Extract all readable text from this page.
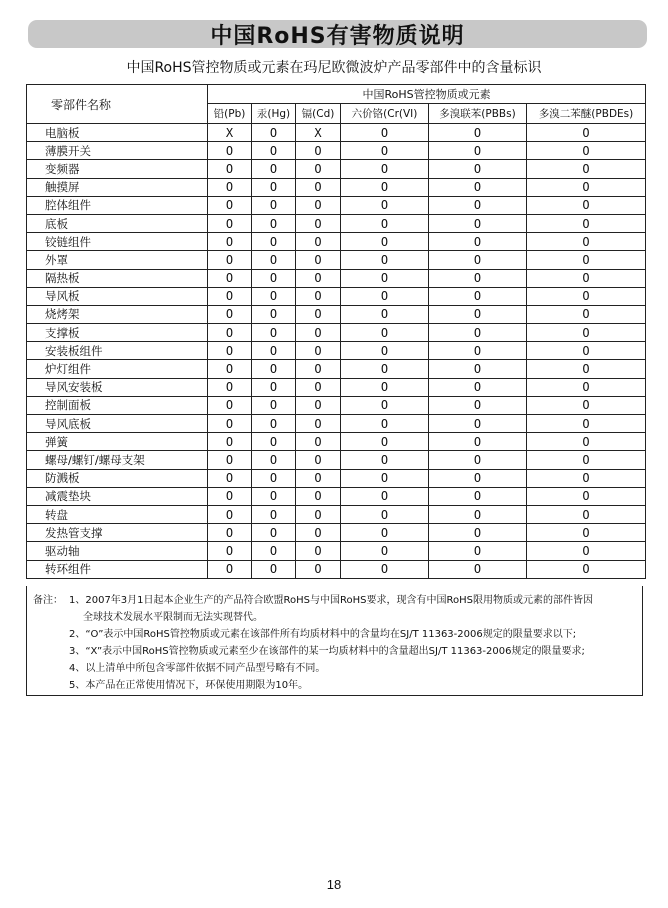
中国RoHS有害物质说明
中国RoHS管控物质或元素在玛尼欧微波炉产品零部件中的含量标识
零部件名称	中国RoHS管控物质或元素					
	铅(Pb)	汞(Hg)	镉(Cd)	六价铬(Cr(VI)	多溴联苯(PBBs)	多溴二苯醚(PBDEs)
电脑板	X	O	X	O	O	O
薄膜开关	O	O	O	O	O	O
变频器	O	O	O	O	O	O
触摸屏	O	O	O	O	O	O
腔体组件	O	O	O	O	O	O
底板	O	O	O	O	O	O
铰链组件	O	O	O	O	O	O
外罩	O	O	O	O	O	O
隔热板	O	O	O	O	O	O
导风板	O	O	O	O	O	O
烧烤架	O	O	O	O	O	O
支撑板	O	O	O	O	O	O
安装板组件	O	O	O	O	O	O
炉灯组件	O	O	O	O	O	O
导风安装板	O	O	O	O	O	O
控制面板	O	O	O	O	O	O
导风底板	O	O	O	O	O	O
弹簧	O	O	O	O	O	O
螺母/螺钉/螺母支架	O	O	O	O	O	O
防溅板	O	O	O	O	O	O
减震垫块	O	O	O	O	O	O
转盘	O	O	O	O	O	O
发热管支撑	O	O	O	O	O	O
驱动轴	O	O	O	O	O	O
转环组件	O	O	O	O	O	O
备注： 1、2007年3月1日起本企业生产的产品符合欧盟RoHS与中国RoHS要求，现含有中国RoHS限用物质或元素的部件皆因
全球技术发展水平限制而无法实现替代。
2、“O”表示中国RoHS管控物质或元素在该部件所有均质材料中的含量均在SJ/T 11363-2006规定的限量要求以下;
3、“X”表示中国RoHS管控物质或元素至少在该部件的某一均质材料中的含量超出SJ/T 11363-2006规定的限量要求;
4、以上清单中所包含零部件依据不同产品型号略有不同。
5、本产品在正常使用情况下，环保使用期限为10年。
18
